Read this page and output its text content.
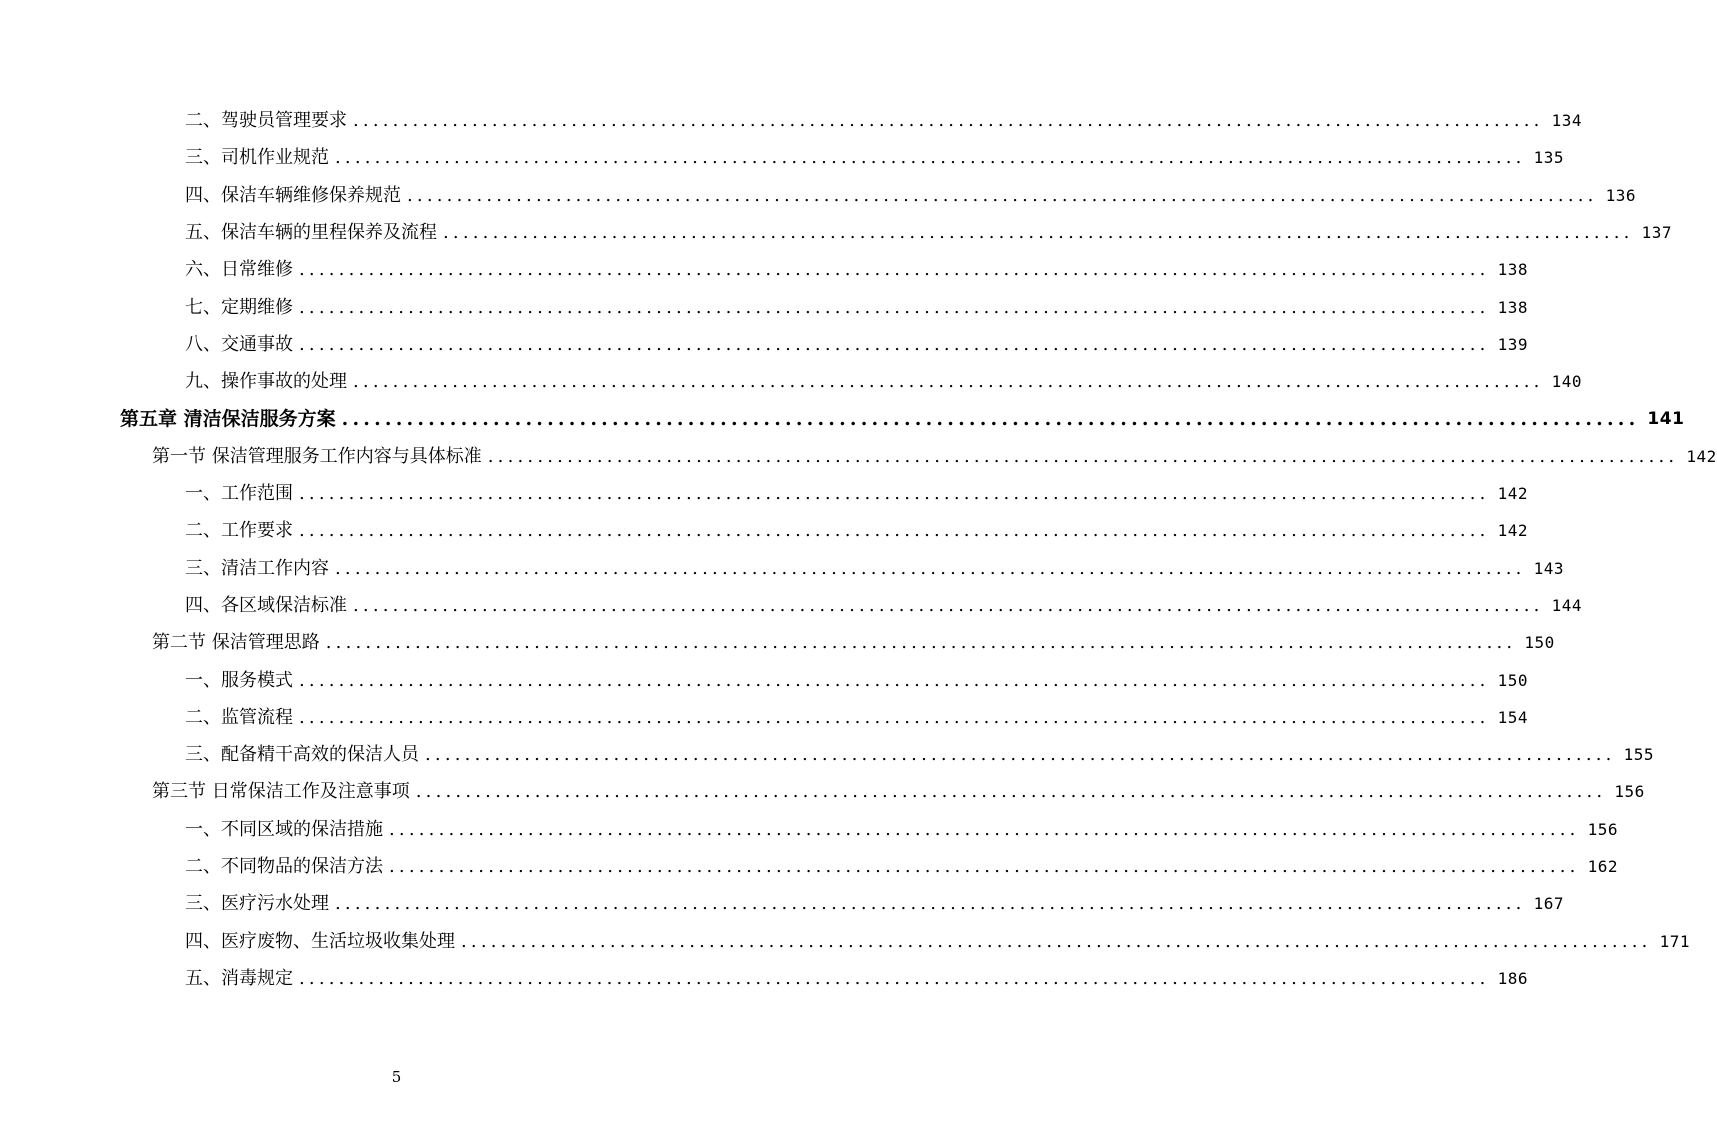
二、驾驶员管理要求 ........................................................................................................................ 134
三、司机作业规范 ........................................................................................................................ 135
四、保洁车辆维修保养规范 ........................................................................................................................ 136
五、保洁车辆的里程保养及流程 ........................................................................................................................ 137
六、日常维修 ........................................................................................................................ 138
七、定期维修 ........................................................................................................................ 138
八、交通事故 ........................................................................................................................ 139
九、操作事故的处理 ........................................................................................................................ 140
第五章 清洁保洁服务方案 ........................................................................................................................ 141
第一节 保洁管理服务工作内容与具体标准 ........................................................................................................................ 142
一、工作范围 ........................................................................................................................ 142
二、工作要求 ........................................................................................................................ 142
三、清洁工作内容 ........................................................................................................................ 143
四、各区域保洁标准 ........................................................................................................................ 144
第二节 保洁管理思路 ........................................................................................................................ 150
一、服务模式 ........................................................................................................................ 150
二、监管流程 ........................................................................................................................ 154
三、配备精干高效的保洁人员 ........................................................................................................................ 155
第三节 日常保洁工作及注意事项 ........................................................................................................................ 156
一、不同区域的保洁措施 ........................................................................................................................ 156
二、不同物品的保洁方法 ........................................................................................................................ 162
三、医疗污水处理 ........................................................................................................................ 167
四、医疗废物、生活垃圾收集处理 ........................................................................................................................ 171
五、消毒规定 ........................................................................................................................ 186
5
